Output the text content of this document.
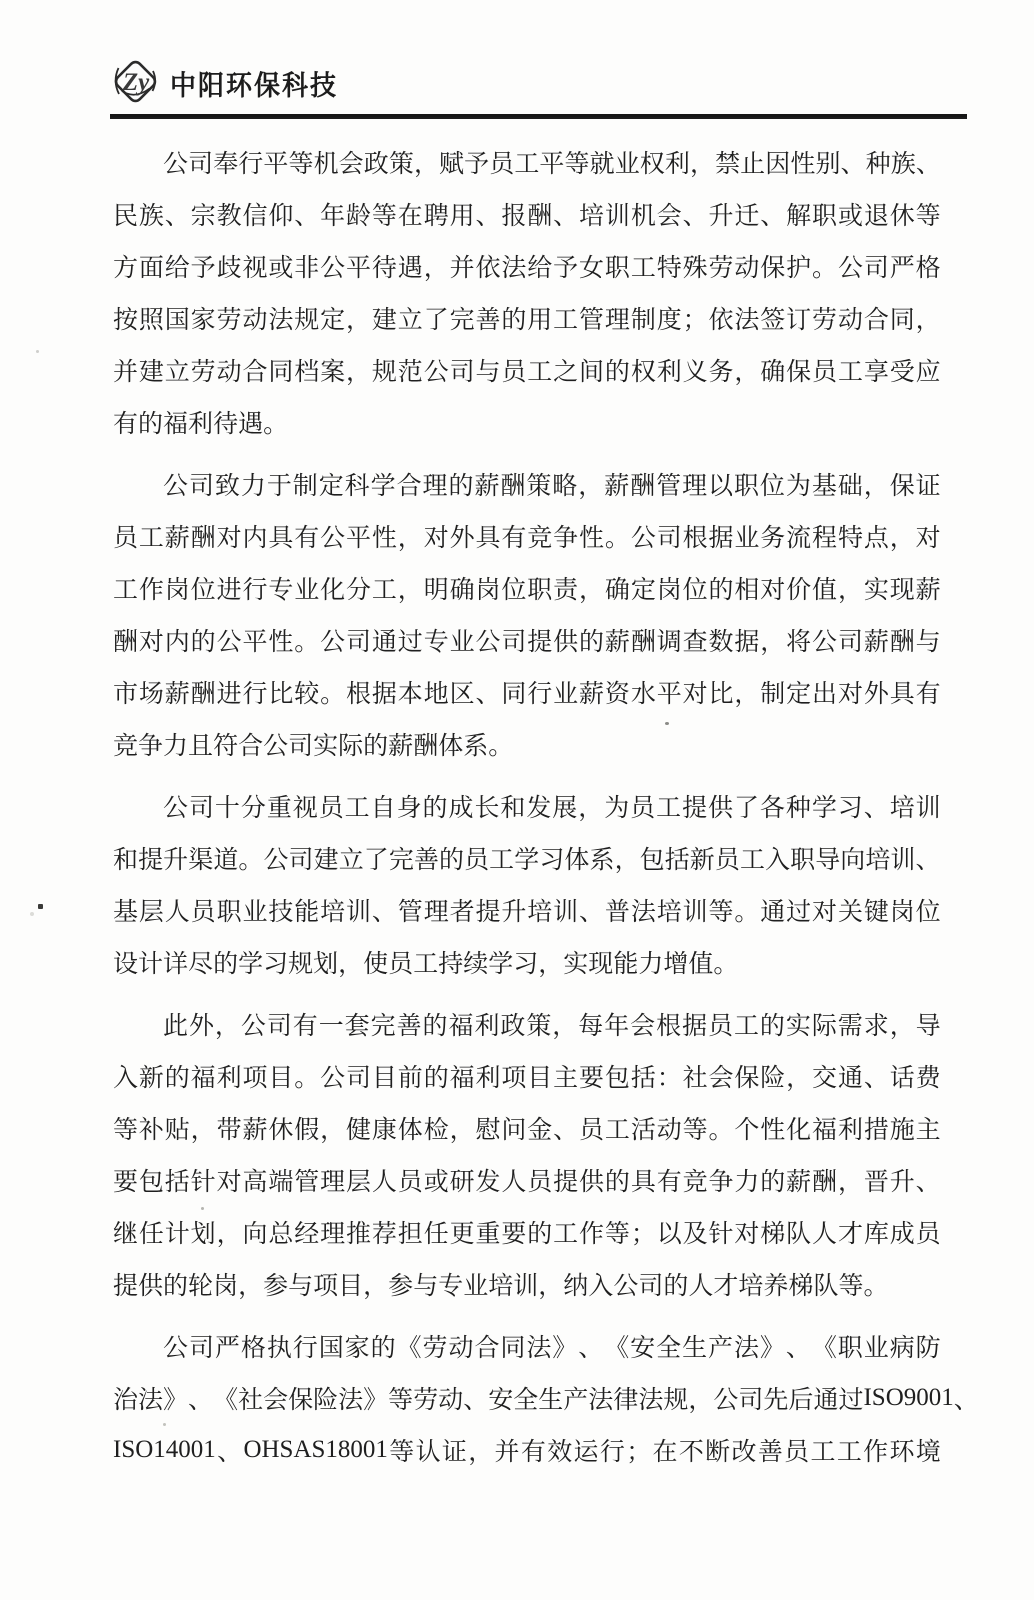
Zy 中阳环保科技
公 司 奉 行 平 等 机 会 政 策 ， 赋 予 员 工 平 等 就 业 权 利 ， 禁 止 因 性 别 、 种 族 、
民 族 、 宗 教 信 仰 、 年 龄 等 在 聘 用 、 报 酬 、 培 训 机 会 、 升 迁 、 解 职 或 退 休 等
方 面 给 予 歧 视 或 非 公 平 待 遇 ， 并 依 法 给 予 女 职 工 特 殊 劳 动 保 护 。 公 司 严 格
按 照 国 家 劳 动 法 规 定 ， 建 立 了 完 善 的 用 工 管 理 制 度 ； 依 法 签 订 劳 动 合 同 ，
并 建 立 劳 动 合 同 档 案 ， 规 范 公 司 与 员 工 之 间 的 权 利 义 务 ， 确 保 员 工 享 受 应
有 的 福 利 待 遇 。
公 司 致 力 于 制 定 科 学 合 理 的 薪 酬 策 略 ， 薪 酬 管 理 以 职 位 为 基 础 ， 保 证
员 工 薪 酬 对 内 具 有 公 平 性 ， 对 外 具 有 竞 争 性 。 公 司 根 据 业 务 流 程 特 点 ， 对
工 作 岗 位 进 行 专 业 化 分 工 ， 明 确 岗 位 职 责 ， 确 定 岗 位 的 相 对 价 值 ， 实 现 薪
酬 对 内 的 公 平 性 。 公 司 通 过 专 业 公 司 提 供 的 薪 酬 调 查 数 据 ， 将 公 司 薪 酬 与
市 场 薪 酬 进 行 比 较 。 根 据 本 地 区 、 同 行 业 薪 资 水 平 对 比 ， 制 定 出 对 外 具 有
竞 争 力 且 符 合 公 司 实 际 的 薪 酬 体 系 。
公 司 十 分 重 视 员 工 自 身 的 成 长 和 发 展 ， 为 员 工 提 供 了 各 种 学 习 、 培 训
和 提 升 渠 道 。 公 司 建 立 了 完 善 的 员 工 学 习 体 系 ， 包 括 新 员 工 入 职 导 向 培 训 、
基 层 人 员 职 业 技 能 培 训 、 管 理 者 提 升 培 训 、 普 法 培 训 等 。 通 过 对 关 键 岗 位
设 计 详 尽 的 学 习 规 划 ， 使 员 工 持 续 学 习 ， 实 现 能 力 增 值 。
此 外 ， 公 司 有 一 套 完 善 的 福 利 政 策 ， 每 年 会 根 据 员 工 的 实 际 需 求 ， 导
入 新 的 福 利 项 目 。 公 司 目 前 的 福 利 项 目 主 要 包 括 ： 社 会 保 险 ， 交 通 、 话 费
等 补 贴 ， 带 薪 休 假 ， 健 康 体 检 ， 慰 问 金 、 员 工 活 动 等 。 个 性 化 福 利 措 施 主
要 包 括 针 对 高 端 管 理 层 人 员 或 研 发 人 员 提 供 的 具 有 竞 争 力 的 薪 酬 ， 晋 升 、
继 任 计 划 ， 向 总 经 理 推 荐 担 任 更 重 要 的 工 作 等 ； 以 及 针 对 梯 队 人 才 库 成 员
提 供 的 轮 岗 ， 参 与 项 目 ， 参 与 专 业 培 训 ， 纳 入 公 司 的 人 才 培 养 梯 队 等 。
公 司 严 格 执 行 国 家 的 《 劳 动 合 同 法 》 、 《 安 全 生 产 法 》 、 《 职 业 病 防
治 法 》 、 《 社 会 保 险 法 》 等 劳 动 、 安 全 生 产 法 律 法 规 ， 公 司 先 后 通 过 ISO9001 、
ISO14001 、 OHSAS18001 等 认 证 ， 并 有 效 运 行 ； 在 不 断 改 善 员 工 工 作 环 境
